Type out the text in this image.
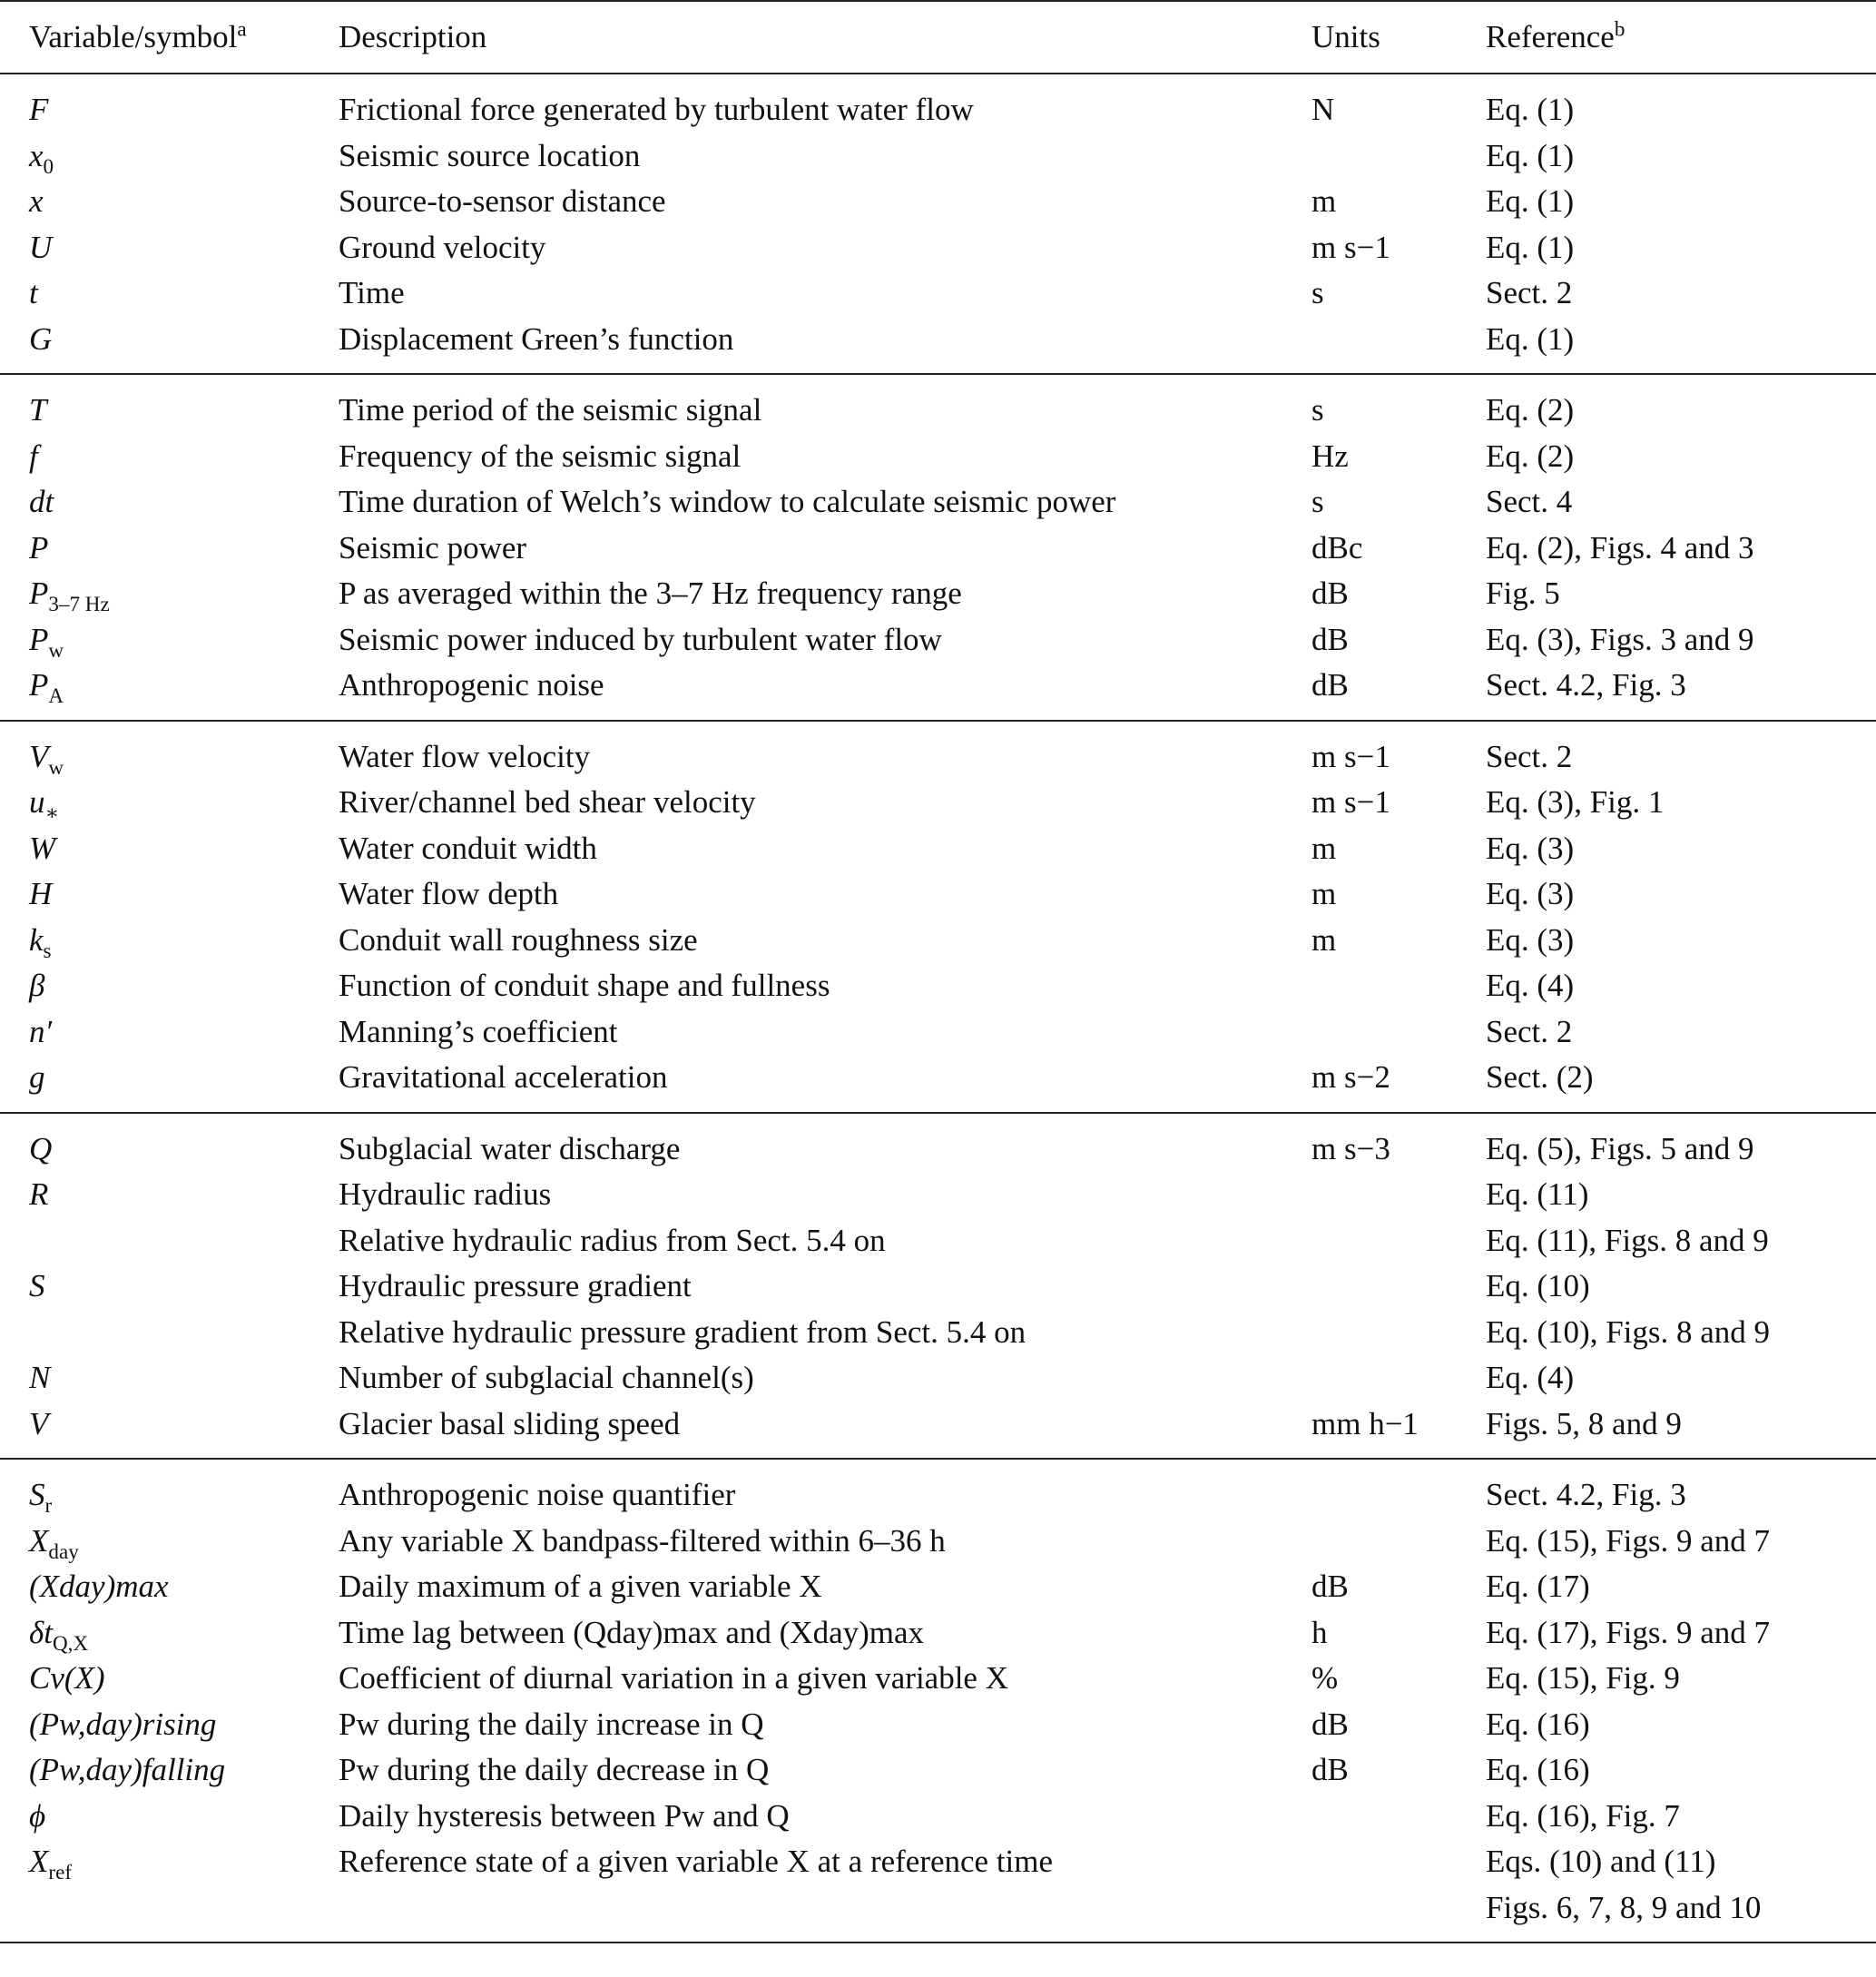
Variable/symbol$^a$	Description	Units	Reference$^b$
F	Frictional force generated by turbulent water flow	N	Eq. (1)
$x_0$	Seismic source location		Eq. (1)
x	Source-to-sensor distance	m	Eq. (1)
U	Ground velocity	m s−1	Eq. (1)
t	Time	s	Sect. 2
G	Displacement Green’s function		Eq. (1)
T	Time period of the seismic signal	s	Eq. (2)
f	Frequency of the seismic signal	Hz	Eq. (2)
dt	Time duration of Welch’s window to calculate seismic power	s	Sect. 4
P	Seismic power	dBc	Eq. (2), Figs. 4 and 3
$P_{3-7 Hz}$	P as averaged within the 3–7 Hz frequency range	dB	Fig. 5
$P_w$	Seismic power induced by turbulent water flow	dB	Eq. (3), Figs. 3 and 9
$P_A$	Anthropogenic noise	dB	Sect. 4.2, Fig. 3
$V_w$	Water flow velocity	m s−1	Sect. 2
$u_∗$	River/channel bed shear velocity	m s−1	Eq. (3), Fig. 1
W	Water conduit width	m	Eq. (3)
H	Water flow depth	m	Eq. (3)
$k_s$	Conduit wall roughness size	m	Eq. (3)
β	Function of conduit shape and fullness		Eq. (4)
n′	Manning’s coefficient		Sect. 2
g	Gravitational acceleration	m s−2	Sect. (2)
Q	Subglacial water discharge	m s−3	Eq. (5), Figs. 5 and 9
R	Hydraulic radius		Eq. (11)
	Relative hydraulic radius from Sect. 5.4 on		Eq. (11), Figs. 8 and 9
S	Hydraulic pressure gradient		Eq. (10)
	Relative hydraulic pressure gradient from Sect. 5.4 on		Eq. (10), Figs. 8 and 9
N	Number of subglacial channel(s)		Eq. (4)
V	Glacier basal sliding speed	mm h−1	Figs. 5, 8 and 9
$S_r$	Anthropogenic noise quantifier		Sect. 4.2, Fig. 3
$X_{day}$	Any variable X bandpass-filtered within 6–36 h		Eq. (15), Figs. 9 and 7
(Xday)max	Daily maximum of a given variable X	dB	Eq. (17)
$\delta t_{Q,X}$	Time lag between (Qday)max and (Xday)max	h	Eq. (17), Figs. 9 and 7
Cv(X)	Coefficient of diurnal variation in a given variable X	%	Eq. (15), Fig. 9
(Pw,day)rising	Pw during the daily increase in Q	dB	Eq. (16)
(Pw,day)falling	Pw during the daily decrease in Q	dB	Eq. (16)
ϕ	Daily hysteresis between Pw and Q		Eq. (16), Fig. 7
$X_{ref}$	Reference state of a given variable X at a reference time		Eqs. (10) and (11)
			Figs. 6, 7, 8, 9 and 10
